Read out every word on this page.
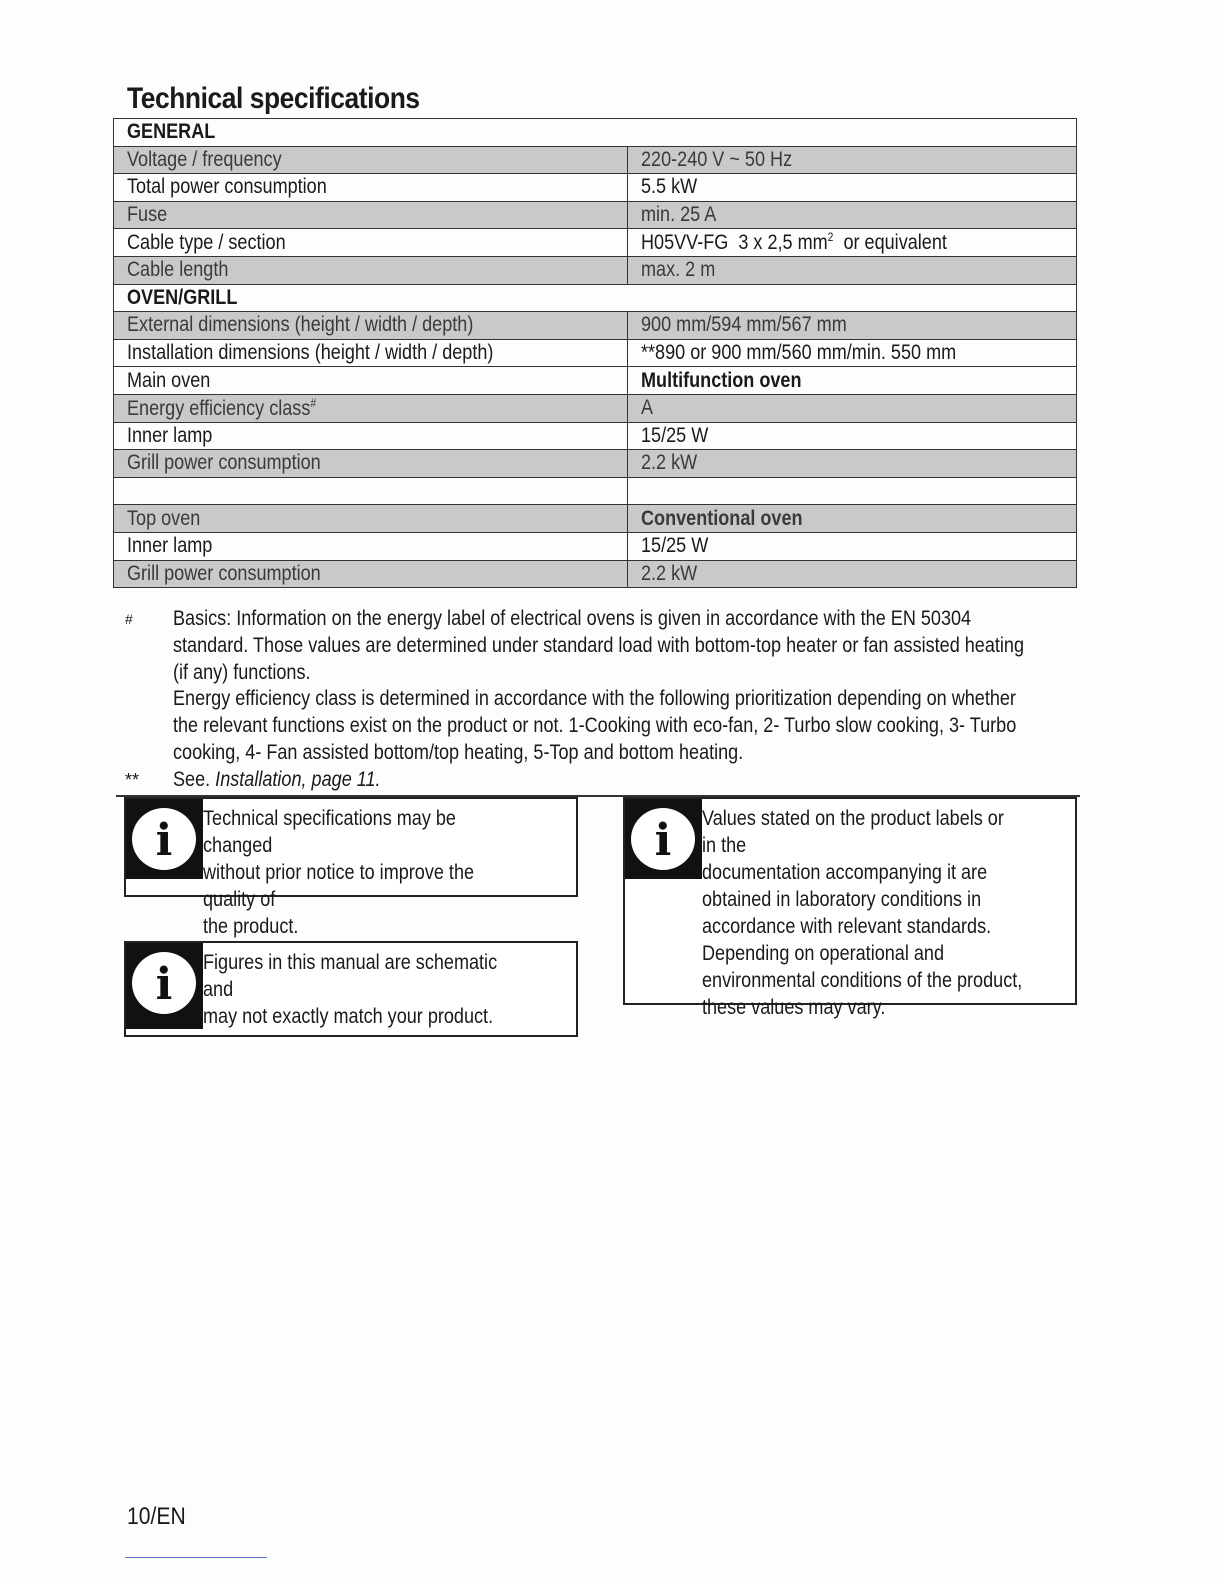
Technical specifications
GENERAL	
Voltage / frequency	220-240 V ~ 50 Hz
Total power consumption	5.5 kW
Fuse	min. 25 A
Cable type / section	H05VV-FG  3 x 2,5 $mm^2$  or equivalent
Cable length	max. 2 m
OVEN/GRILL	
External dimensions (height / width / depth)	900 mm/594 mm/567 mm
Installation dimensions (height / width / depth)	**890 or 900 mm/560 mm/min. 550 mm
Main oven	Multifunction oven
Energy efficiency class#	A
Inner lamp	15/25 W
Grill power consumption	2.2 kW

Top oven	Conventional oven
Inner lamp	15/25 W
Grill power consumption	2.2 kW
# Basics: Information on the energy label of electrical ovens is given in accordance with the EN 50304
standard. Those values are determined under standard load with bottom-top heater or fan assisted heating
(if any) functions.
Energy efficiency class is determined in accordance with the following prioritization depending on whether
the relevant functions exist on the product or not. 1-Cooking with eco-fan, 2- Turbo slow cooking, 3- Turbo
cooking, 4- Fan assisted bottom/top heating, 5-Top and bottom heating.
** See. Installation, page 11.
i	Technical specifications may be changed
without prior notice to improve the quality of
the product.
i	Figures in this manual are schematic and
may not exactly match your product.
i	Values stated on the product labels or in the
documentation accompanying it are
obtained in laboratory conditions in
accordance with relevant standards.
Depending on operational and
environmental conditions of the product,
these values may vary.
10/EN
